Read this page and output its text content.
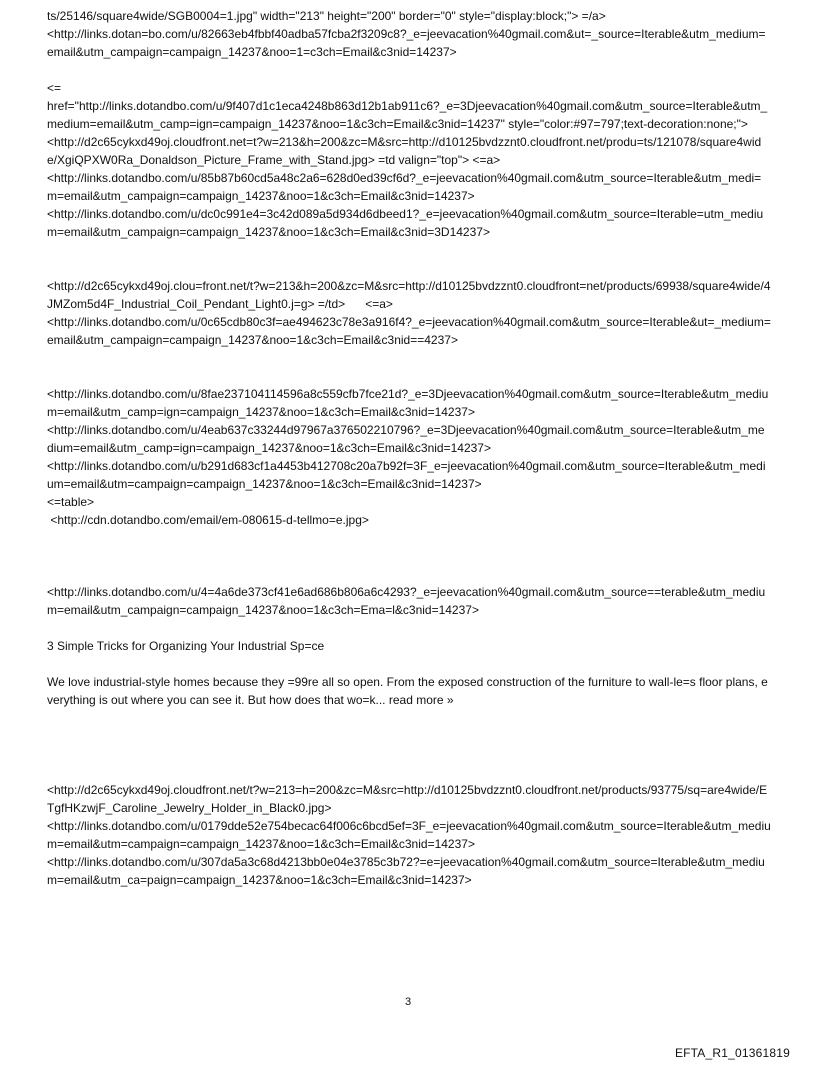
ts/25146/square4wide/SGB0004=1.jpg" width="213" height="200" border="0" style="display:block;"> =/a>

<http://links.dotan=bo.com/u/82663eb4fbbf40adba57fcba2f3209c8?_e=jeevacation%40gmail.com&ut=_source=Iterable&utm_medium=email&utm_campaign=campaign_14237&noo=1=c3ch=Email&c3nid=14237>

<=

href="http://links.dotandbo.com/u/9f407d1c1eca4248b863d12b1ab911c6?_e=3Djeevacation%40gmail.com&utm_source=Iterable&utm_medium=email&utm_camp=ign=campaign_14237&noo=1&c3ch=Email&c3nid=14237" style="color:#97=797;text-decoration:none;">

<http://d2c65cykxd49oj.cloudfront.net=t?w=213&h=200&zc=M&src=http://d10125bvdzznt0.cloudfront.net/produ=ts/121078/square4wide/XgiQPXW0Ra_Donaldson_Picture_Frame_with_Stand.jpg> =td valign="top"> <=a>

<http://links.dotandbo.com/u/85b87b60cd5a48c2a6=628d0ed39cf6d?_e=jeevacation%40gmail.com&utm_source=Iterable&utm_medi=m=email&utm_campaign=campaign_14237&noo=1&c3ch=Email&c3nid=14237>

<http://links.dotandbo.com/u/dc0c991e4=3c42d089a5d934d6dbeed1?_e=jeevacation%40gmail.com&utm_source=Iterable=utm_medium=email&utm_campaign=campaign_14237&noo=1&c3ch=Email&c3nid=3D14237>

<http://d2c65cykxd49oj.clou=front.net/t?w=213&h=200&zc=M&src=http://d10125bvdzznt0.cloudfront=net/products/69938/square4wide/4JMZom5d4F_Industrial_Coil_Pendant_Light0.j=g> =/td>      <=a>

<http://links.dotandbo.com/u/0c65cdb80c3f=ae494623c78e3a916f4?_e=jeevacation%40gmail.com&utm_source=Iterable&ut=_medium=email&utm_campaign=campaign_14237&noo=1&c3ch=Email&c3nid==4237>

<http://links.dotandbo.com/u/8fae237104114596a8c559cfb7fce21d?_e=3Djeevacation%40gmail.com&utm_source=Iterable&utm_medium=email&utm_camp=ign=campaign_14237&noo=1&c3ch=Email&c3nid=14237>

<http://links.dotandbo.com/u/4eab637c33244d97967a376502210796?_e=3Djeevacation%40gmail.com&utm_source=Iterable&utm_medium=email&utm_camp=ign=campaign_14237&noo=1&c3ch=Email&c3nid=14237>

<http://links.dotandbo.com/u/b291d683cf1a4453b412708c20a7b92f=3F_e=jeevacation%40gmail.com&utm_source=Iterable&utm_medium=email&utm=campaign=campaign_14237&noo=1&c3ch=Email&c3nid=14237>

<=table>

<http://cdn.dotandbo.com/email/em-080615-d-tellmo=e.jpg>

<http://links.dotandbo.com/u/4=4a6de373cf41e6ad686b806a6c4293?_e=jeevacation%40gmail.com&utm_source==terable&utm_medium=email&utm_campaign=campaign_14237&noo=1&c3ch=Ema=l&c3nid=14237>

3 Simple Tricks for Organizing Your Industrial Sp=ce

We love industrial-style homes because they =99re all so open. From the exposed construction of the furniture to wall-le=s floor plans, everything is out where you can see it. But how does that wo=k... read more »

<http://d2c65cykxd49oj.cloudfront.net/t?w=213=h=200&zc=M&src=http://d10125bvdzznt0.cloudfront.net/products/93775/sq=are4wide/ETgfHKzwjF_Caroline_Jewelry_Holder_in_Black0.jpg>

<http://links.dotandbo.com/u/0179dde52e754becac64f006c6bcd5ef=3F_e=jeevacation%40gmail.com&utm_source=Iterable&utm_medium=email&utm=campaign=campaign_14237&noo=1&c3ch=Email&c3nid=14237>

<http://links.dotandbo.com/u/307da5a3c68d4213bb0e04e3785c3b72?=e=jeevacation%40gmail.com&utm_source=Iterable&utm_medium=email&utm_ca=paign=campaign_14237&noo=1&c3ch=Email&c3nid=14237>

3
EFTA_R1_01361819
